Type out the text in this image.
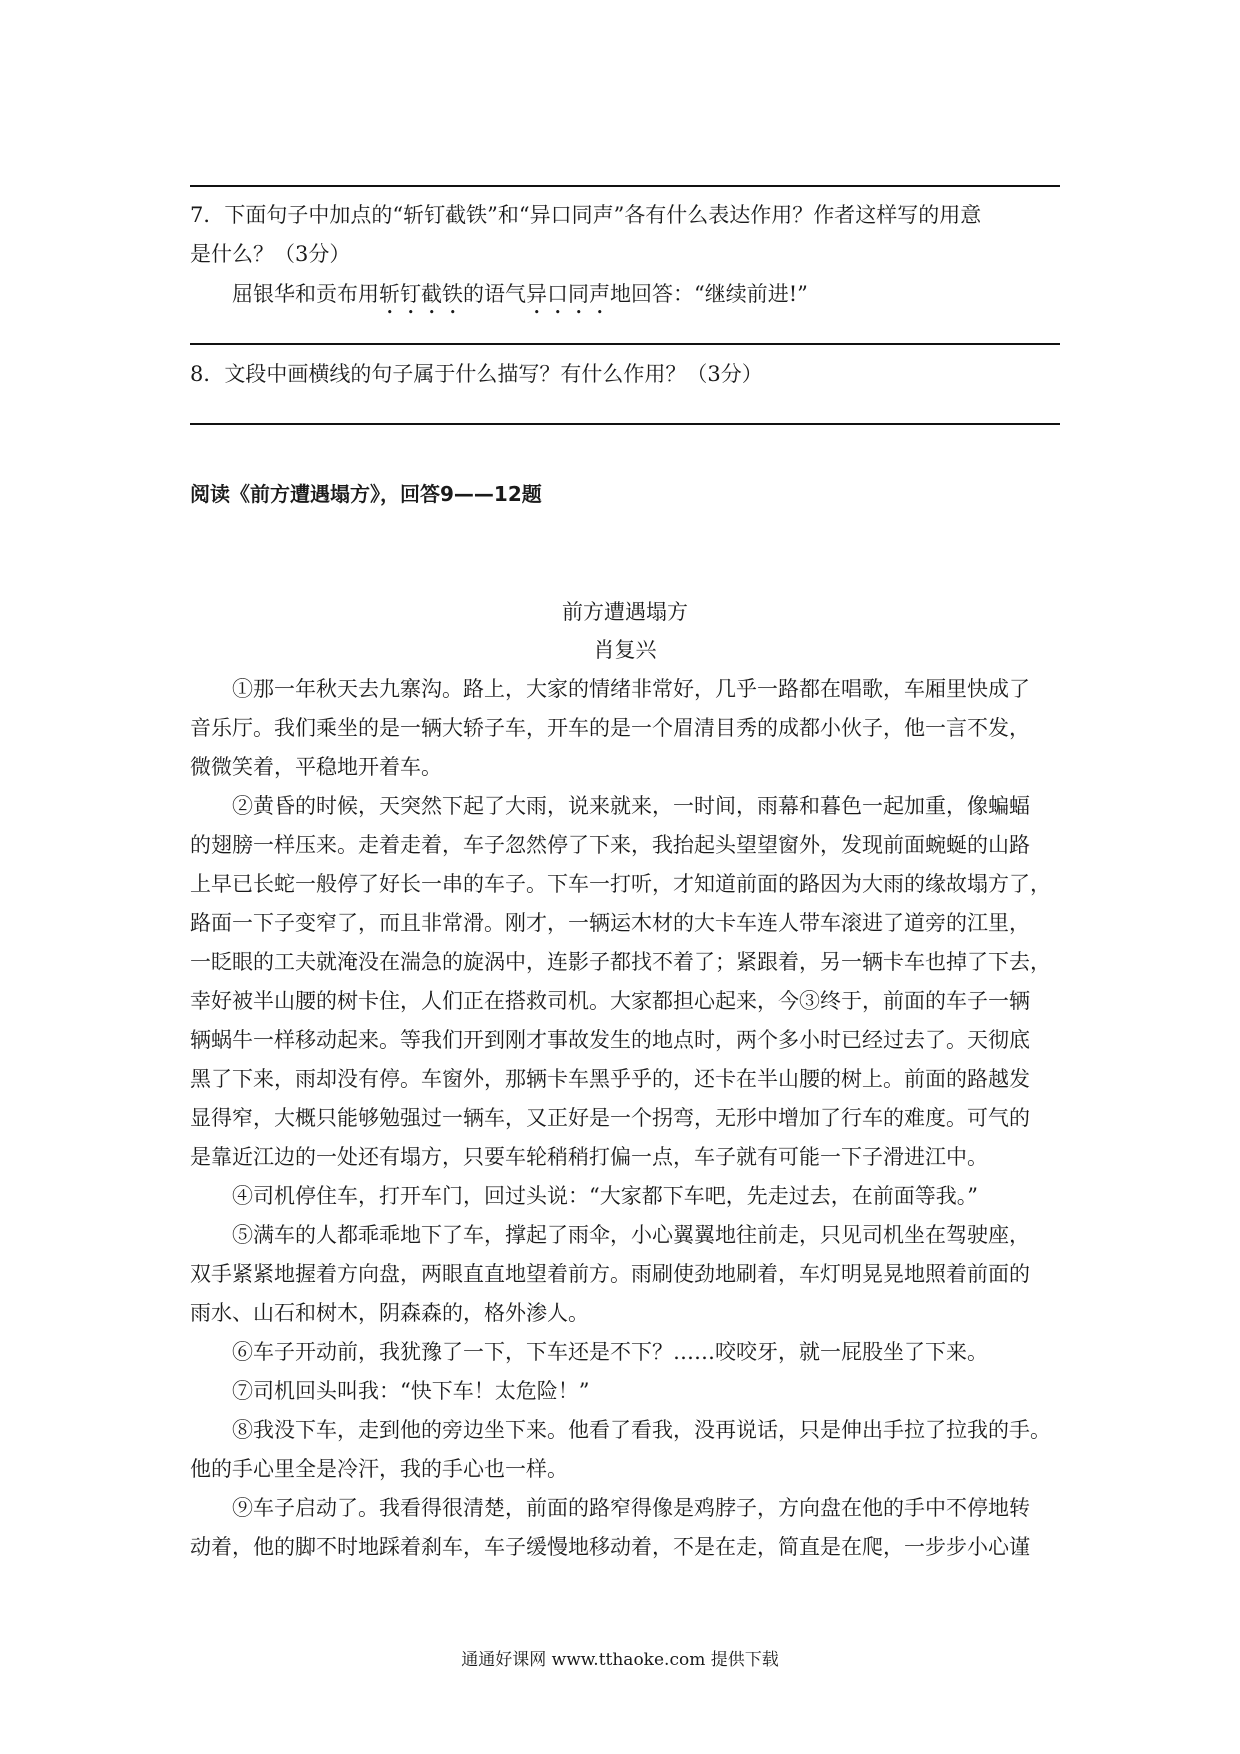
7．下面句子中加点的“斩钉截铁”和“异口同声”各有什么表达作用？作者这样写的用意
是什么？（3分）
屈银华和贡布用斩钉截铁的语气异口同声地回答：“继续前进!”
8．文段中画横线的句子属于什么描写？有什么作用？（3分）
阅读《前方遭遇塌方》，回答9——12题
前方遭遇塌方
肖复兴
①那一年秋天去九寨沟。路上，大家的情绪非常好，几乎一路都在唱歌，车厢里快成了
音乐厅。我们乘坐的是一辆大轿子车，开车的是一个眉清目秀的成都小伙子，他一言不发，
微微笑着，平稳地开着车。
②黄昏的时候，天突然下起了大雨，说来就来，一时间，雨幕和暮色一起加重，像蝙蝠
的翅膀一样压来。走着走着，车子忽然停了下来，我抬起头望望窗外，发现前面蜿蜒的山路
上早已长蛇一般停了好长一串的车子。下车一打听，才知道前面的路因为大雨的缘故塌方了，
路面一下子变窄了，而且非常滑。刚才，一辆运木材的大卡车连人带车滚进了道旁的江里，
一眨眼的工夫就淹没在湍急的旋涡中，连影子都找不着了；紧跟着，另一辆卡车也掉了下去，
幸好被半山腰的树卡住，人们正在搭救司机。大家都担心起来，今③终于，前面的车子一辆
辆蜗牛一样移动起来。等我们开到刚才事故发生的地点时，两个多小时已经过去了。天彻底
黑了下来，雨却没有停。车窗外，那辆卡车黑乎乎的，还卡在半山腰的树上。前面的路越发
显得窄，大概只能够勉强过一辆车，又正好是一个拐弯，无形中增加了行车的难度。可气的
是靠近江边的一处还有塌方，只要车轮稍稍打偏一点，车子就有可能一下子滑进江中。
④司机停住车，打开车门，回过头说：“大家都下车吧，先走过去，在前面等我。”
⑤满车的人都乖乖地下了车，撑起了雨伞，小心翼翼地往前走，只见司机坐在驾驶座，
双手紧紧地握着方向盘，两眼直直地望着前方。雨刷使劲地刷着，车灯明晃晃地照着前面的
雨水、山石和树木，阴森森的，格外渗人。
⑥车子开动前，我犹豫了一下，下车还是不下？……咬咬牙，就一屁股坐了下来。
⑦司机回头叫我：“快下车！太危险！”
⑧我没下车，走到他的旁边坐下来。他看了看我，没再说话，只是伸出手拉了拉我的手。
他的手心里全是冷汗，我的手心也一样。
⑨车子启动了。我看得很清楚，前面的路窄得像是鸡脖子，方向盘在他的手中不停地转
动着，他的脚不时地踩着刹车，车子缓慢地移动着，不是在走，简直是在爬，一步步小心谨
通通好课网 www.tthaoke.com 提供下载
